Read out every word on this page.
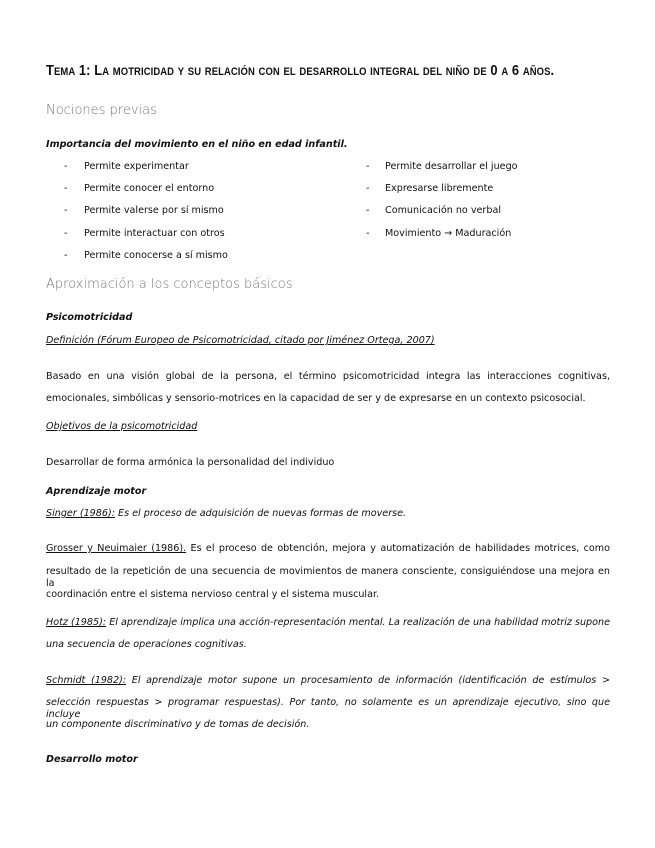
Tema 1: La motricidad y su relación con el desarrollo integral del niño de 0 a 6 años.
Nociones previas
Importancia del movimiento en el niño en edad infantil.
- Permite experimentar
- Permite conocer el entorno
- Permite valerse por sí mismo
- Permite interactuar con otros
- Permite conocerse a sí mismo
- Permite desarrollar el juego
- Expresarse libremente
- Comunicación no verbal
- Movimiento → Maduración
Aproximación a los conceptos básicos
Psicomotricidad
Definición (Fórum Europeo de Psicomotricidad, citado por Jiménez Ortega, 2007)
Basado en una visión global de la persona, el término psicomotricidad integra las interacciones cognitivas,
emocionales, simbólicas y sensorio-motrices en la capacidad de ser y de expresarse en un contexto psicosocial.
Objetivos de la psicomotricidad
Desarrollar de forma armónica la personalidad del individuo
Aprendizaje motor
Singer (1986): Es el proceso de adquisición de nuevas formas de moverse.
Grosser y Neuimaier (1986). Es el proceso de obtención, mejora y automatización de habilidades motrices, como
resultado de la repetición de una secuencia de movimientos de manera consciente, consiguiéndose una mejora en la
coordinación entre el sistema nervioso central y el sistema muscular.
Hotz (1985): El aprendizaje implica una acción-representación mental. La realización de una habilidad motriz supone
una secuencia de operaciones cognitivas.
Schmidt (1982): El aprendizaje motor supone un procesamiento de información (identificación de estímulos >
selección respuestas > programar respuestas). Por tanto, no solamente es un aprendizaje ejecutivo, sino que incluye
un componente discriminativo y de tomas de decisión.
Desarrollo motor
